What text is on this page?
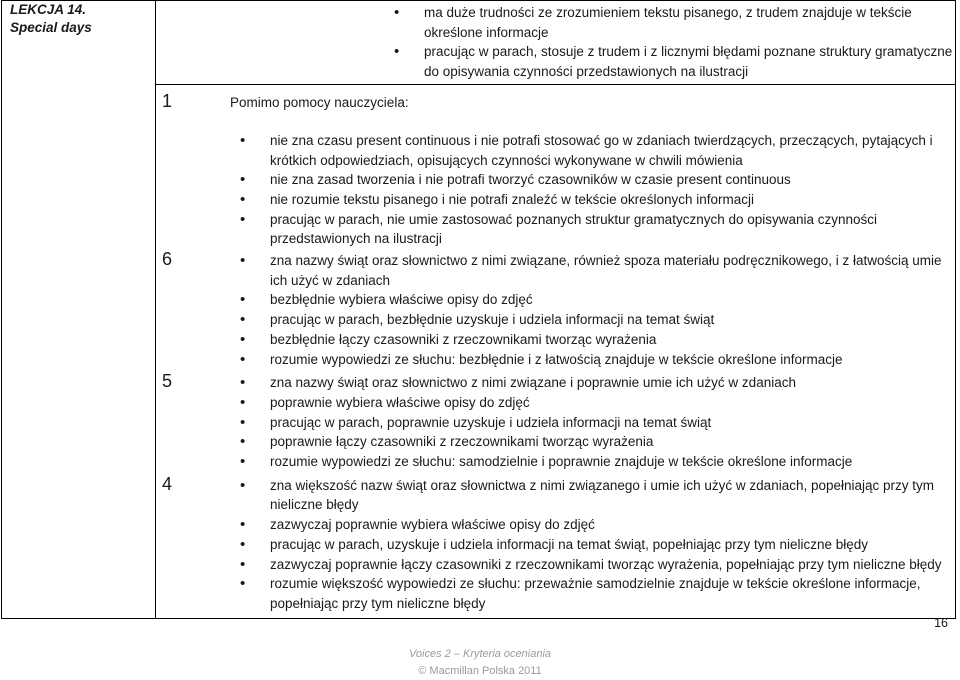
LEKCJA 14.
Special days

• ma duże trudności ze zrozumieniem tekstu pisanego, z trudem znajduje w tekście określone informacje
• pracując w parach, stosuje z trudem i z licznymi błędami poznane struktury gramatyczne do opisywania czynności przedstawionych na ilustracji

1	Pomimo pomocy nauczyciela:
• nie zna czasu present continuous i nie potrafi stosować go w zdaniach twierdzących, przeczących, pytających i krótkich odpowiedziach, opisujących czynności wykonywane w chwili mówienia
• nie zna zasad tworzenia i nie potrafi tworzyć czasowników w czasie present continuous
• nie rozumie tekstu pisanego i nie potrafi znaleźć w tekście określonych informacji
• pracując w parach, nie umie zastosować poznanych struktur gramatycznych do opisywania czynności przedstawionych na ilustracji
6	• zna nazwy świąt oraz słownictwo z nimi związane, również spoza materiału podręcznikowego, i z łatwością umie ich użyć w zdaniach
• bezbłędnie wybiera właściwe opisy do zdjęć
• pracując w parach, bezbłędnie uzyskuje i udziela informacji na temat świąt
• bezbłędnie łączy czasowniki z rzeczownikami tworząc wyrażenia
• rozumie wypowiedzi ze słuchu: bezbłędnie i z łatwością znajduje w tekście określone informacje
5	• zna nazwy świąt oraz słownictwo z nimi związane i poprawnie umie ich użyć w zdaniach
• poprawnie wybiera właściwe opisy do zdjęć
• pracując w parach, poprawnie uzyskuje i udziela informacji na temat świąt
• poprawnie łączy czasowniki z rzeczownikami tworząc wyrażenia
• rozumie wypowiedzi ze słuchu: samodzielnie i poprawnie znajduje w tekście określone informacje
4	• zna większość nazw świąt oraz słownictwa z nimi związanego i umie ich użyć w zdaniach, popełniając przy tym nieliczne błędy
• zazwyczaj poprawnie wybiera właściwe opisy do zdjęć
• pracując w parach, uzyskuje i udziela informacji na temat świąt, popełniając przy tym nieliczne błędy
• zazwyczaj poprawnie łączy czasowniki z rzeczownikami tworząc wyrażenia, popełniając przy tym nieliczne błędy
• rozumie większość wypowiedzi ze słuchu: przeważnie samodzielnie znajduje w tekście określone informacje, popełniając przy tym nieliczne błędy
16
Voices 2 – Kryteria oceniania
© Macmillan Polska 2011
